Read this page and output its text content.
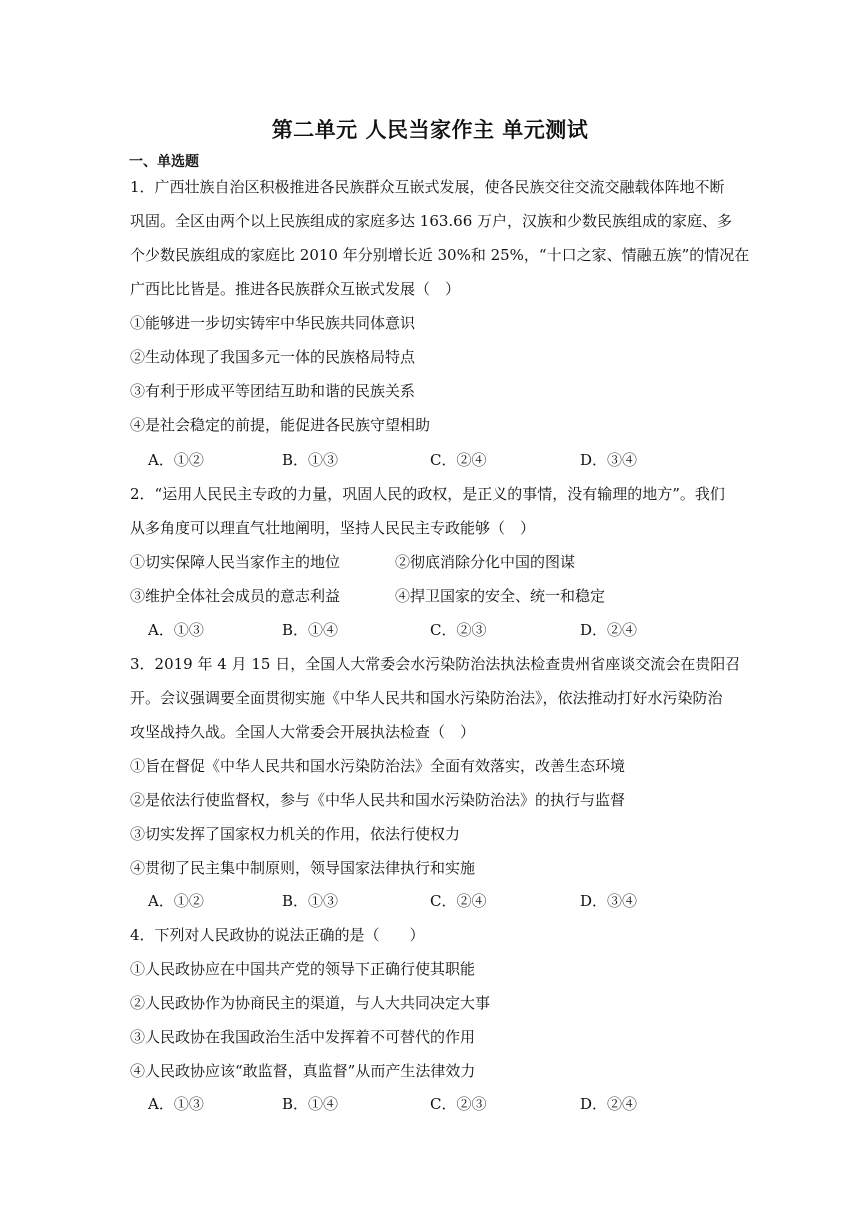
第二单元 人民当家作主 单元测试
一、单选题
1．广西壮族自治区积极推进各民族群众互嵌式发展，使各民族交往交流交融载体阵地不断
巩固。全区由两个以上民族组成的家庭多达 163.66 万户，汉族和少数民族组成的家庭、多
个少数民族组成的家庭比 2010 年分别增长近 30%和 25%，“十口之家、情融五族”的情况在
广西比比皆是。推进各民族群众互嵌式发展（　）
①能够进一步切实铸牢中华民族共同体意识
②生动体现了我国多元一体的民族格局特点
③有利于形成平等团结互助和谐的民族关系
④是社会稳定的前提，能促进各民族守望相助
A．①②	B．①③	C．②④	D．③④
2．“运用人民民主专政的力量，巩固人民的政权，是正义的事情，没有输理的地方”。我们
从多角度可以理直气壮地阐明，坚持人民民主专政能够（　）
①切实保障人民当家作主的地位	②彻底消除分化中国的图谋
③维护全体社会成员的意志利益	④捍卫国家的安全、统一和稳定
A．①③	B．①④	C．②③	D．②④
3．2019 年 4 月 15 日，全国人大常委会水污染防治法执法检查贵州省座谈交流会在贵阳召
开。会议强调要全面贯彻实施《中华人民共和国水污染防治法》，依法推动打好水污染防治
攻坚战持久战。全国人大常委会开展执法检查（　）
①旨在督促《中华人民共和国水污染防治法》全面有效落实，改善生态环境
②是依法行使监督权，参与《中华人民共和国水污染防治法》的执行与监督
③切实发挥了国家权力机关的作用，依法行使权力
④贯彻了民主集中制原则，领导国家法律执行和实施
A．①②	B．①③	C．②④	D．③④
4．下列对人民政协的说法正确的是（　　）
①人民政协应在中国共产党的领导下正确行使其职能
②人民政协作为协商民主的渠道，与人大共同决定大事
③人民政协在我国政治生活中发挥着不可替代的作用
④人民政协应该“敢监督，真监督”从而产生法律效力
A．①③	B．①④	C．②③	D．②④
